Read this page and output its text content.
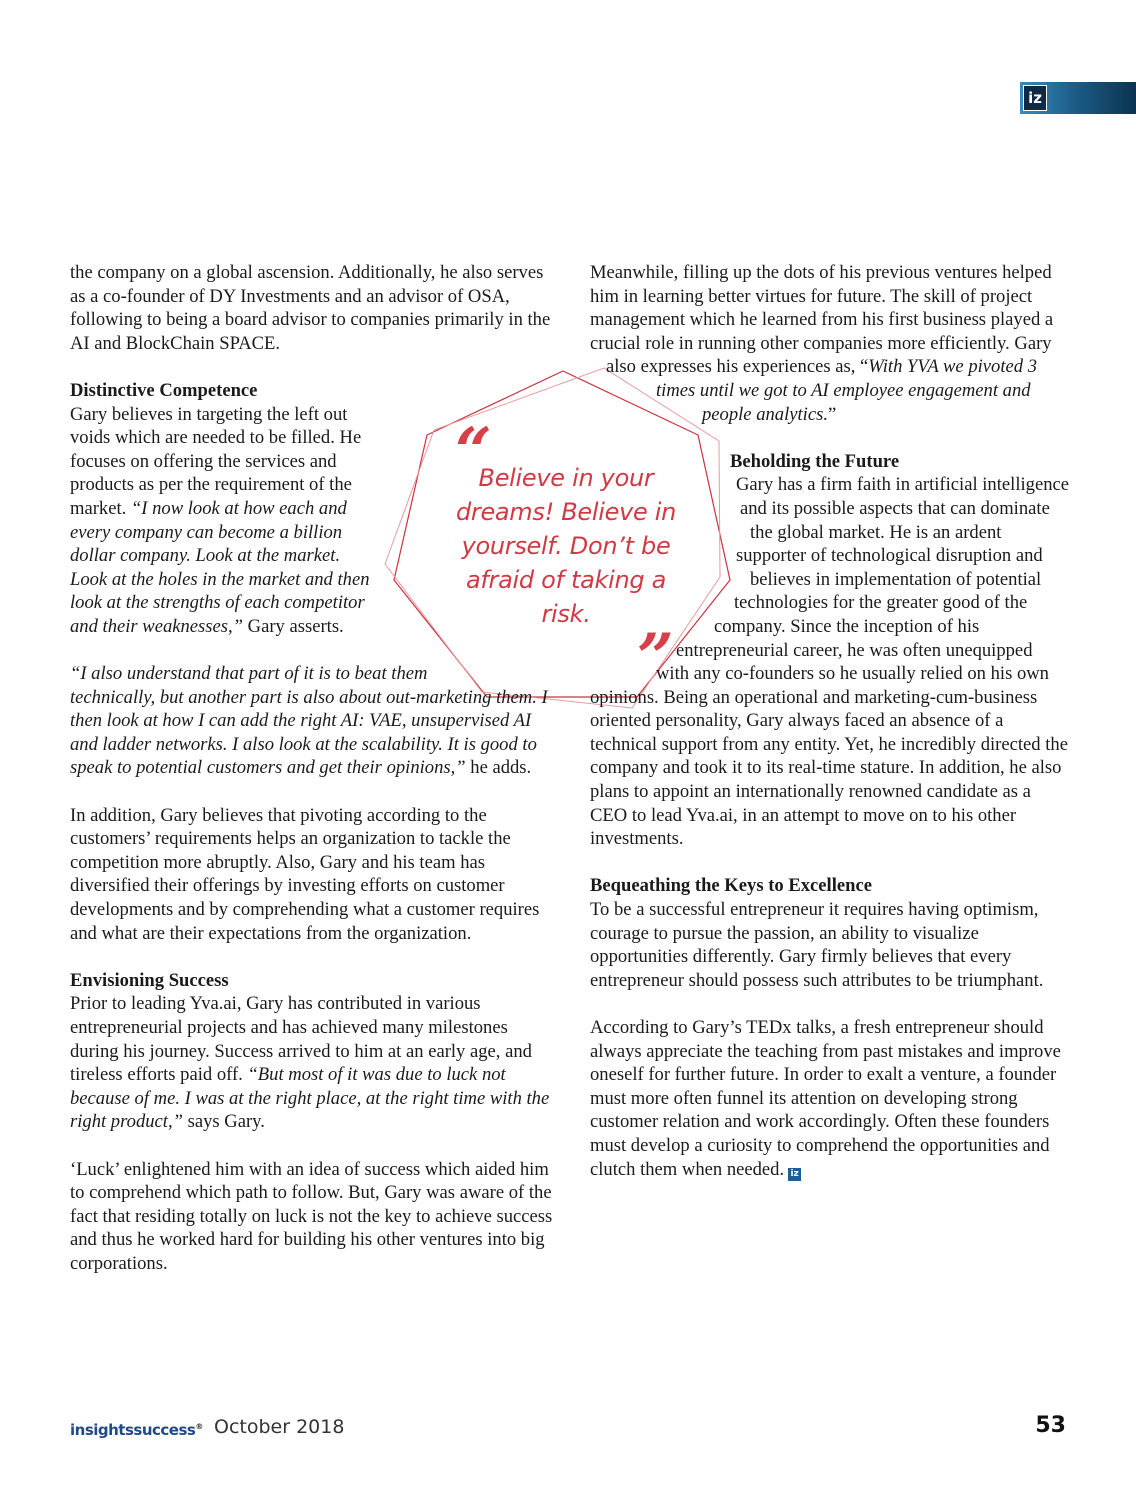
iz

the company on a global ascension. Additionally, he also serves as a co-founder of DY Investments and an advisor of OSA, following to being a board advisor to companies primarily in the AI and BlockChain SPACE.

Distinctive Competence

Gary believes in targeting the left out voids which are needed to be filled. He focuses on offering the services and products as per the requirement of the market. “I now look at how each and every company can become a billion dollar company. Look at the market. Look at the holes in the market and then look at the strengths of each competitor and their weaknesses,” Gary asserts.

“I also understand that part of it is to beat them technically, but another part is also about out-marketing them. I then look at how I can add the right AI: VAE, unsupervised AI and ladder networks. I also look at the scalability. It is good to speak to potential customers and get their opinions,” he adds.

In addition, Gary believes that pivoting according to the customers’ requirements helps an organization to tackle the competition more abruptly. Also, Gary and his team has diversified their offerings by investing efforts on customer developments and by comprehending what a customer requires and what are their expectations from the organization.

Envisioning Success

Prior to leading Yva.ai, Gary has contributed in various entrepreneurial projects and has achieved many milestones during his journey. Success arrived to him at an early age, and tireless efforts paid off. “But most of it was due to luck not because of me. I was at the right place, at the right time with the right product,” says Gary.

‘Luck’ enlightened him with an idea of success which aided him to comprehend which path to follow. But, Gary was aware of the fact that residing totally on luck is not the key to achieve success and thus he worked hard for building his other ventures into big corporations.

Meanwhile, filling up the dots of his previous ventures helped him in learning better virtues for future. The skill of project management which he learned from his first business played a crucial role in running other companies more efficiently. Gary also expresses his experiences as, “With YVA we pivoted 3 times until we got to AI employee engagement and people analytics.”

Beholding the Future

Gary has a firm faith in artificial intelligence and its possible aspects that can dominate the global market. He is an ardent supporter of technological disruption and believes in implementation of potential technologies for the greater good of the company. Since the inception of his entrepreneurial career, he was often unequipped with any co-founders so he usually relied on his own opinions. Being an operational and marketing-cum-business oriented personality, Gary always faced an absence of a technical support from any entity. Yet, he incredibly directed the company and took it to its real-time stature. In addition, he also plans to appoint an internationally renowned candidate as a CEO to lead Yva.ai, in an attempt to move on to his other investments.

Bequeathing the Keys to Excellence

To be a successful entrepreneur it requires having optimism, courage to pursue the passion, an ability to visualize opportunities differently. Gary firmly believes that every entrepreneur should possess such attributes to be triumphant.

According to Gary’s TEDx talks, a fresh entrepreneur should always appreciate the teaching from past mistakes and improve oneself for further future. In order to exalt a venture, a founder must more often funnel its attention on developing strong customer relation and work accordingly. Often these founders must develop a curiosity to comprehend the opportunities and clutch them when needed. iz

“
Believe in your dreams! Believe in yourself. Don’t be afraid of taking a risk.
”
insightssuccess® October 2018	53
